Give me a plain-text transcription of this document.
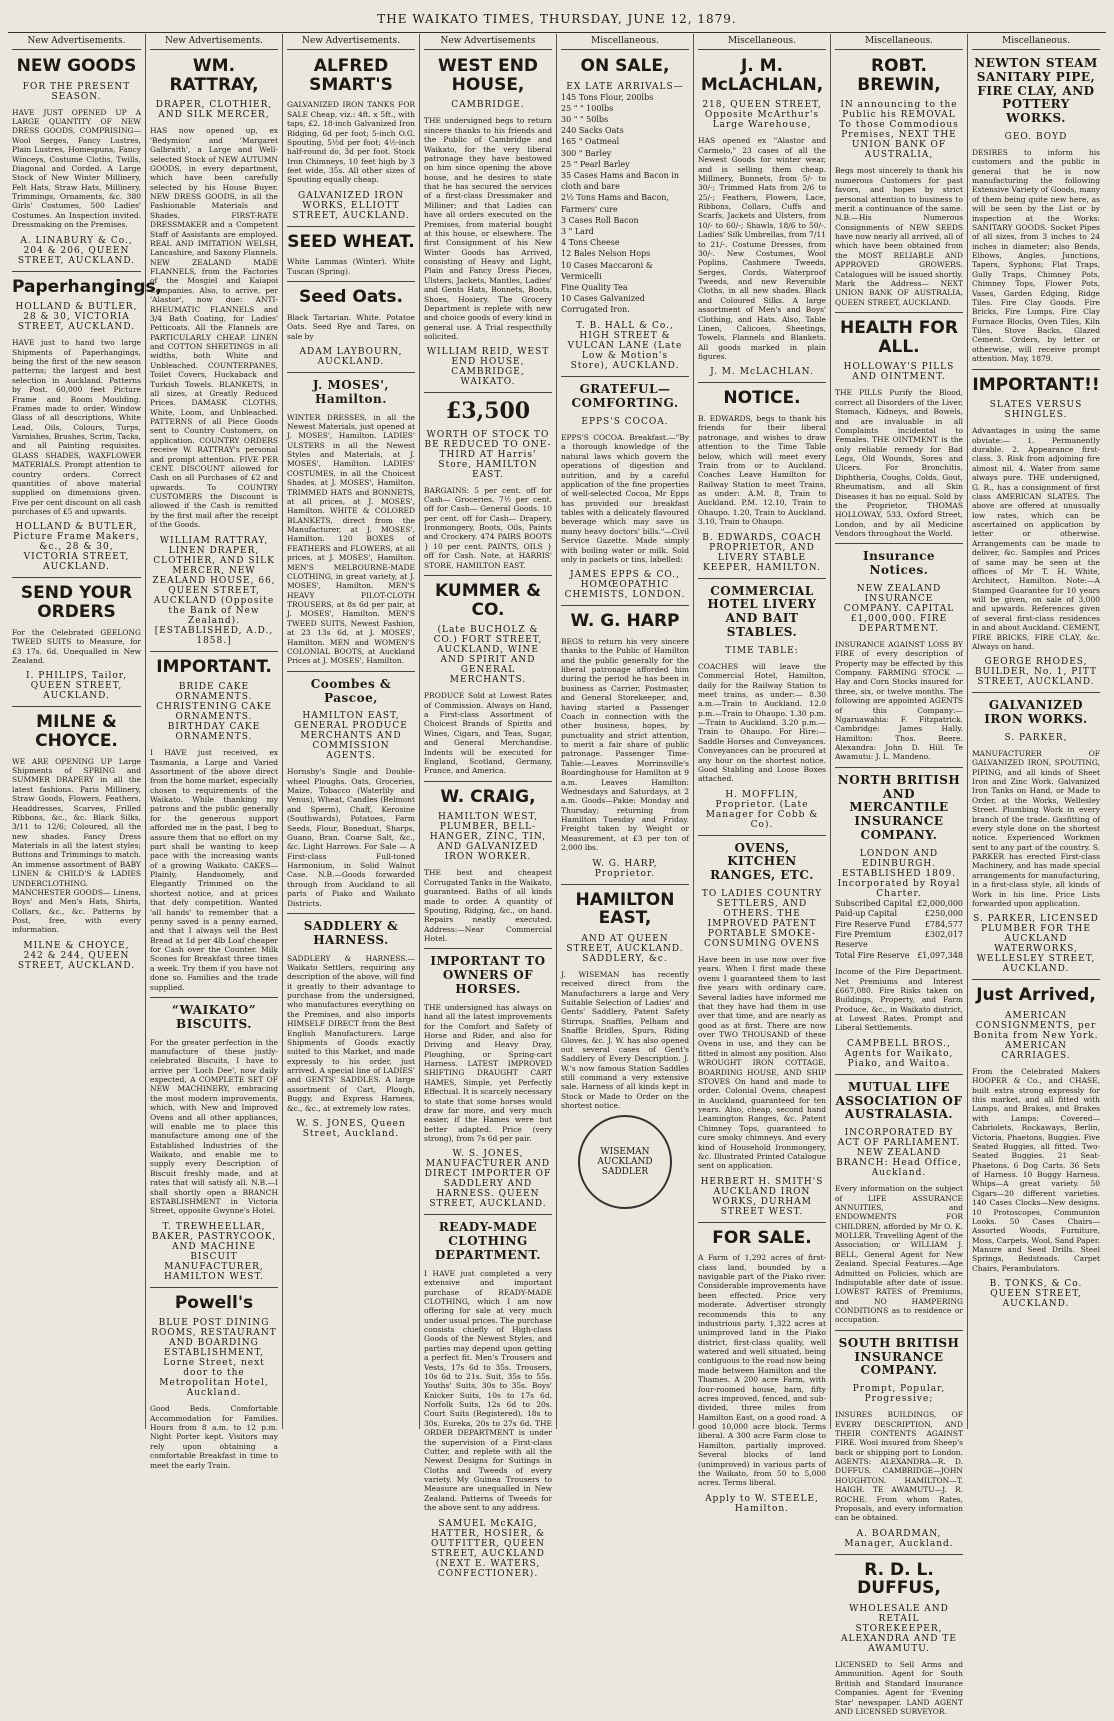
THE WAIKATO TIMES, THURSDAY, JUNE 12, 1879.
New Advertisements.
NEW GOODS
FOR THE PRESENT SEASON.
HAVE JUST OPENED UP A LARGE QUANTITY OF NEW DRESS GOODS, COMPRISING— Wool Serges, Fancy Lustres, Plain Lustres, Homespuns, Fancy Winceys, Costume Cloths, Twills, Diagonal and Corded. A Large Stock of New Winter Millinery, Felt Hats, Straw Hats, Millinery, Trimmings, Ornaments, &c. 380 Girls' Costumes, 500 Ladies' Costumes. An Inspection invited. Dressmaking on the Premises.
A. LINABURY & Co., 204 & 206, QUEEN STREET, AUCKLAND.
Paperhangings,
HOLLAND & BUTLER, 28 & 30, VICTORIA STREET, AUCKLAND.
HAVE just to hand two large Shipments of Paperhangings, being the first of the new season patterns; the largest and best selection in Auckland. Patterns by Post. 60,000 feet Picture Frame and Room Moulding. Frames made to order. Window Glass of all descriptions, White Lead, Oils, Colours, Turps, Varnishes, Brushes, Scrim, Tacks, and all Painting requisites. GLASS SHADES, WAXFLOWER MATERIALS. Prompt attention to country orders. Correct quantities of above material supplied on dimensions given. Five per cent discount on all cash purchases of £5 and upwards.
HOLLAND & BUTLER, Picture Frame Makers, &c., 28 & 30, VICTORIA STREET, AUCKLAND.
SEND YOUR ORDERS
For the Celebrated GEELONG TWEED SUITS to Measure, for £3 17s. 6d. Unequalled in New Zealand.
I. PHILIPS, Tailor, QUEEN STREET, AUCKLAND.
MILNE & CHOYCE.
WE ARE OPENING UP Large Shipments of SPRING and SUMMER DRAPERY in all the latest fashions. Paris Millinery, Straw Goods, Flowers, Feathers, Headdresses, Scarves, Frilled Ribbons, &c., &c. Black Silks, 3/11 to 12/6; Coloured, all the new shades. Fancy Dress Materials in all the latest styles; Buttons and Trimmings to match. An immense assortment of BABY LINEN & CHILD'S & LADIES UNDERCLOTHING. MANCHESTER GOODS— Linens, Boys' and Men's Hats, Shirts, Collars, &c., &c. Patterns by Post, free, with every information.
MILNE & CHOYCE, 242 & 244, QUEEN STREET, AUCKLAND.
New Advertisements.
WM. RATTRAY,
DRAPER, CLOTHIER, AND SILK MERCER,
HAS now opened up, ex 'Bedymion' and 'Margaret Galbraith', a Large and Well-selected Stock of NEW AUTUMN GOODS, in every department, which have been carefully selected by his House Buyer. NEW DRESS GOODS, in all the Fashionable Materials and Shades. FIRST-RATE DRESSMAKER and a Competent Staff of Assistants are employed. REAL AND IMITATION WELSH, Lancashire, and Saxony Flannels. NEW ZEALAND MADE FLANNELS, from the Factories of the Mosgiel and Kaiapoi Companies. Also, to arrive, per 'Alastor', now due: ANTI-RHEUMATIC FLANNELS and 3/4 Bath Coating, for Ladies' Petticoats. All the Flannels are PARTICULARLY CHEAP. LINEN and COTTON SHEETINGS in all widths, both White and Unbleached. COUNTERPANES, Toilet Covers, Huckaback and Turkish Towels. BLANKETS, in all sizes, at Greatly Reduced Prices. DAMASK CLOTHS, White, Loom, and Unbleached. PATTERNS of all Piece Goods sent to Country Customers, on application. COUNTRY ORDERS receive W. RATTRAY's personal and prompt attention. FIVE PER CENT. DISCOUNT allowed for Cash on all Purchases of £2 and upwards. To COUNTRY CUSTOMERS the Discount is allowed if the Cash is remitted by the first mail after the receipt of the Goods.
WILLIAM RATTRAY, LINEN DRAPER, CLOTHIER, AND SILK MERCER, NEW ZEALAND HOUSE, 66, QUEEN STREET, AUCKLAND (Opposite the Bank of New Zealand). [ESTABLISHED, A.D., 1858.]
IMPORTANT.
BRIDE CAKE ORNAMENTS. CHRISTENING CAKE ORNAMENTS. BIRTHDAY CAKE ORNAMENTS.
I HAVE just received, ex Tasmania, a Large and Varied Assortment of the above direct from the home market, especially chosen to requirements of the Waikato. While thanking my patrons and the public generally for the generous support afforded me in the past, I beg to assure them that no effort on my part shall be wanting to keep pace with the increasing wants of a growing Waikato. CAKES—Plainly, Handsomely, and Elegantly Trimmed on the shortest notice, and at prices that defy competition. Wanted 'all hands' to remember that a penny saved is a penny earned, and that I always sell the Best Bread at 1d per 4lb Loaf cheaper for Cash over the Counter. Milk Scones for Breakfast three times a week. Try them if you have not done so. Families and the trade supplied.
“WAIKATO” BISCUITS.
For the greater perfection in the manufacture of these justly-celebrated Biscuits, I have to arrive per 'Loch Dee', now daily expected, A COMPLETE SET OF NEW MACHINERY, embracing the most modern improvements, which, with New and Improved Ovens and all other appliances, will enable me to place this manufacture among one of the Established Industries of the Waikato, and enable me to supply every Description of Biscuit freshly made, and at rates that will satisfy all. N.B.—I shall shortly open a BRANCH ESTABLISHMENT in Victoria Street, opposite Gwynne's Hotel.
T. TREWHEELLAR, BAKER, PASTRYCOOK, AND MACHINE BISCUIT MANUFACTURER, HAMILTON WEST.
Powell's
BLUE POST DINING ROOMS, RESTAURANT AND BOARDING ESTABLISHMENT, Lorne Street, next door to the Metropolitan Hotel, Auckland.
Good Beds. Comfortable Accommodation for Families. Hours from 8 a.m. to 12 p.m. Night Porter kept. Visitors may rely upon obtaining a comfortable Breakfast in time to meet the early Train.
New Advertisements.
ALFRED SMART'S
GALVANIZED IRON TANKS FOR SALE Cheap, viz.: 4ft. x 5ft., with taps, £2. 18-inch Galvanized Iron Ridging, 6d per foot; 5-inch O.G. Spouting, 5½d per foot; 4½-inch half-round do, 3d per foot. Stock Iron Chimneys, 10 feet high by 3 feet wide, 35s. All other sizes of Spouting equally cheap.
GALVANIZED IRON WORKS, ELLIOTT STREET, AUCKLAND.
SEED WHEAT.
White Lammas (Winter). White Tuscan (Spring).
Seed Oats.
Black Tartarian. White. Potatoe Oats. Seed Rye and Tares, on sale by
ADAM LAYBOURN, AUCKLAND.
J. MOSES', Hamilton.
WINTER DRESSES, in all the Newest Materials, just opened at J. MOSES', Hamilton. LADIES' ULSTERS in all the Newest Styles and Materials, at J. MOSES', Hamilton. LADIES' COSTUMES, in all the Choicest Shades, at J. MOSES', Hamilton. TRIMMED HATS and BONNETS, at all prices, at J. MOSES', Hamilton. WHITE & COLORED BLANKETS, direct from the Manufacturer, at J. MOSES', Hamilton. 120 BOXES of FEATHERS and FLOWERS, at all prices, at J. MOSES', Hamilton. MEN'S MELBOURNE-MADE CLOTHING, in great variety, at J. MOSES', Hamilton. MEN'S HEAVY PILOT-CLOTH TROUSERS, at 8s 6d per pair, at J. MOSES', Hamilton. MEN'S TWEED SUITS, Newest Fashion, at 23 13s 6d, at J. MOSES', Hamilton. MEN and WOMEN'S COLONIAL BOOTS, at Auckland Prices at J. MOSES', Hamilton.
Coombes & Pascoe,
HAMILTON EAST, GENERAL PRODUCE MERCHANTS AND COMMISSION AGENTS.
Hornsby's Single and Double-wheel Ploughs. Oats, Groceries, Maize, Tobacco (Waterlily and Venus), Wheat, Candles (Belmont and Sperm), Chaff, Kerosine (Southwards), Potatoes, Farm Seeds, Flour, Boneduat, Sharps, Guano, Bran. Coarse Salt, &c., &c. Light Harrows. For Sale — A First-class Full-toned Harmonium, in Solid Walnut Case. N.B.—Goods forwarded through from Auckland to all parts of Piako and Waikato Districts.
SADDLERY & HARNESS.
SADDLERY & HARNESS.—Waikato Settlers, requiring any description of the above, will find it greatly to their advantage to purchase from the undersigned, who manufactures everything on the Premises, and also imports HIMSELF DIRECT from the Best English Manufacturers. Large Shipments of Goods exactly suited to this Market, and made expressly to his order, just arrived. A special line of LADIES' and GENTS' SADDLES. A large assortment of Cart, Plough, Buggy, and Express Harness, &c., &c., at extremely low rates.
W. S. JONES, Queen Street, Auckland.
New Advertisements
WEST END HOUSE,
CAMBRIDGE.
THE undersigned begs to return sincere thanks to his friends and the Public of Cambridge and Waikato, for the very liberal patronage they have bestowed on him since opening the above house, and he desires to state that he has secured the services of a first-class Dressmaker and Milliner; and that Ladies can have all orders executed on the Premises, from material bought at this house, or elsewhere. The first Consignment of his New Winter Goods has Arrived, consisting of Heavy and Light, Plain and Fancy Dress Pieces, Ulsters, Jackets, Mantles, Ladies' and Gents Hats, Bonnets, Boots, Shoes, Hosiery. The Grocery Department is replete with new and choice goods of every kind in general use. A Trial respectfully solicited.
WILLIAM REID, WEST END HOUSE, CAMBRIDGE, WAIKATO.
£3,500
WORTH OF STOCK TO BE REDUCED TO ONE-THIRD AT Harris' Store, HAMILTON EAST.
BARGAINS: 5 per cent. off for Cash— Groceries. 7½ per cent. off for Cash— General Goods. 10 per cent. off for Cash— Drapery, Ironmongery, Boots, Oils, Paints and Crockery. 474 PAIRS BOOTS } 10 per cent. PAINTS, OILS } off for Cash. Note, at HARRIS' STORE, HAMILTON EAST.
KUMMER & CO.
(Late BUCHOLZ & CO.) FORT STREET, AUCKLAND, WINE AND SPIRIT AND GENERAL MERCHANTS.
PRODUCE Sold at Lowest Rates of Commission. Always on Hand, a First-class Assortment of Choicest Brands of Spirits and Wines, Cigars, and Teas, Sugar, and General Merchandise. Indents will be executed for England, Scotland, Germany, France, and America.
W. CRAIG,
HAMILTON WEST, PLUMBER, BELL-HANGER, ZINC, TIN, AND GALVANIZED IRON WORKER.
THE best and cheapest Corrugated Tanks in the Waikato, guaranteed. Baths of all kinds made to order. A quantity of Spouting, Ridging, &c., on hand. Repairs neatly executed. Address:—Near Commercial Hotel.
IMPORTANT TO OWNERS OF HORSES.
THE undersigned has always on hand all the latest improvements for the Comfort and Safety of Horse and Rider, and also for Driving and Heavy Dray, Ploughing, or Spring-cart Harness. LATEST IMPROVED SHIFTING DRAUGHT CART HAMES, Simple, yet Perfectly Effectual. It is scarcely necessary to state that some horses would draw far more, and very much easier, if the Hames were but better adapted. Price (very strong), from 7s 6d per pair.
W. S. JONES, MANUFACTURER AND DIRECT IMPORTER OF SADDLERY AND HARNESS. QUEEN STREET, AUCKLAND.
READY-MADE CLOTHING DEPARTMENT.
I HAVE just completed a very extensive and important purchase of READY-MADE CLOTHING, which I am now offering for sale at very much under usual prices. The purchase consists chiefly of High-class Goods of the Newest Styles, and parties may depend upon getting a perfect fit. Men's Trousers and Vests, 17s 6d to 35s. Trousers, 10s 6d to 21s. Suit, 35s to 55s. Youths' Suits, 30s to 35s. Boys' Knicker Suits, 10s to 17s 6d. Norfolk Suits, 12s 6d to 20s. Court Suits (Registered), 18s to 30s. Eureka, 20s to 27s 6d. THE ORDER DEPARTMENT is under the supervision of a First-class Cutter, and replete with all the Newest Designs for Suitings in Cloths and Tweeds of every variety. My Guinea Trousers to Measure are unequalled in New Zealand. Patterns of Tweeds for the above sent to any address.
SAMUEL McKAIG, HATTER, HOSIER, & OUTFITTER, QUEEN STREET, AUCKLAND (NEXT E. WATERS, CONFECTIONER).
Miscellaneous.
ON SALE,
EX LATE ARRIVALS—
145 Tons Flour, 200lbs
25 " " 100lbs
30 " " 50lbs
240 Sacks Oats
165 " Oatmeal
300 " Barley
25 " Pearl Barley
35 Cases Hams and Bacon in cloth and bare
2½ Tons Hams and Bacon, Farmers' cure
3 Cases Roll Bacon
3 " Lard
4 Tons Cheese
12 Bales Nelson Hops
10 Cases Maccaroni & Vermicelli
Fine Quality Tea
10 Cases Galvanized Corrugated Iron.
T. B. HALL & Co., HIGH STREET & VULCAN LANE (Late Low & Motion's Store), AUCKLAND.
GRATEFUL—COMFORTING.
EPPS'S COCOA.
EPPS'S COCOA. Breakfast.—"By a thorough knowledge of the natural laws which govern the operations of digestion and nutrition, and by a careful application of the fine properties of well-selected Cocoa, Mr Epps has provided our breakfast tables with a delicately flavoured beverage which may save us many heavy doctors' bills."—Civil Service Gazette. Made simply with boiling water or milk. Sold only in packets or tins, labelled:
JAMES EPPS & CO., HOMŒOPATHIC CHEMISTS, LONDON.
W. G. HARP
BEGS to return his very sincere thanks to the Public of Hamilton and the public generally for the liberal patronage afforded him during the period he has been in business as Carrier, Postmaster, and General Storekeeper, and, having started a Passenger Coach in connection with the other business, hopes, by punctuality and strict attention, to merit a fair share of public patronage. Passenger Time-Table:—Leaves Morrinsville's Boardinghouse for Hamilton at 9 a.m. Leaves Hamilton: Wednesdays and Saturdays, at 2 a.m. Goods—Pakie: Monday and Thursday; returning from Hamilton Tuesday and Friday. Freight taken by Weight or Measurement, at £3 per ton of 2,000 lbs.
W. G. HARP, Proprietor.
HAMILTON EAST,
AND AT QUEEN STREET, AUCKLAND. SADDLERY, &c.
J. WISEMAN has recently received direct from the Manufacturers a large and Very Suitable Selection of Ladies' and Gents' Saddlery, Patent Safety Stirrups, Snaffles, Pelham and Snaffle Bridles, Spurs, Riding Gloves, &c. J. W. has also opened out several cases of Gent's Saddlery of Every Description. J. W.'s now famous Station Saddles still command a very extensive sale. Harness of all kinds kept in Stock or Made to Order on the shortest notice.
WISEMAN AUCKLAND SADDLER
Miscellaneous.
J. M. McLACHLAN,
218, QUEEN STREET, Opposite McArthur's Large Warehouse,
HAS opened ex "Alastor and Carmelo," 23 cases of all the Newest Goods for winter wear, and is selling them cheap. Millinery, Bonnets, from 5/- to 30/-; Trimmed Hats from 2/6 to 25/-; Feathers, Flowers, Lace, Ribbons, Collars, Cuffs and Scarfs, Jackets and Ulsters, from 10/- to 60/-; Shawls, 18/6 to 50/-. Ladies' Silk Umbrellas, from 7/11 to 21/-. Costume Dresses, from 30/-. New Costumes, Wool Poplins, Cashmere Tweeds, Serges, Cords, Waterproof Tweeds, and new Reversible Cloths, in all new shades. Black and Coloured Silks. A large assortment of Men's and Boys' Clothing, and Hats. Also, Table Linen, Calicoes, Sheetings, Towels, Flannels and Blankets. All goods marked in plain figures.
J. M. McLACHLAN.
NOTICE.
B. EDWARDS, begs to thank his friends for their liberal patronage, and wishes to draw attention to the Time Table below, which will meet every Train from or to Auckland. Coaches Leave Hamilton for Railway Station to meet Trains, as under: A.M. 8, Train to Auckland. P.M. 12.10, Train to Ohaupo. 1.20, Train to Auckland. 3.10, Train to Ohaupo.
B. EDWARDS, COACH PROPRIETOR, AND LIVERY STABLE KEEPER, HAMILTON.
COMMERCIAL HOTEL LIVERY AND BAIT STABLES.
TIME TABLE:
COACHES will leave the Commercial Hotel, Hamilton, daily for the Railway Station to meet trains, as under:— 8.30 a.m.—Train to Auckland. 12.0 p.m.—Train to Ohaupo. 1.30 p.m.—Train to Auckland. 3.20 p.m.—Train to Ohaupo. For Hire:—Saddle Horses and Conveyances. Conveyances can be procured at any hour on the shortest notice. Good Stabling and Loose Boxes attached.
H. MOFFLIN, Proprietor. (Late Manager for Cobb & Co).
OVENS, KITCHEN RANGES, ETC.
TO LADIES COUNTRY SETTLERS, AND OTHERS. THE IMPROVED PATENT PORTABLE SMOKE-CONSUMING OVENS
Have been in use now over five years. When I first made these ovens I guaranteed them to last five years with ordinary care. Several ladies have informed me that they have had them in use over that time, and are nearly as good as at first. There are now over TWO THOUSAND of these Ovens in use, and they can be fitted in almost any position. Also WROUGHT IRON COTTAGE, BOARDING HOUSE, AND SHIP STOVES On hand and made to order. Colonial Ovens, cheapest in Auckland, guaranteed for ten years. Also, cheap, second hand Leamington Ranges, &c. Patent Chimney Tops, guaranteed to cure smoky chimneys. And every kind of Household Ironmongery, &c. Illustrated Printed Catalogue sent on application.
HERBERT H. SMITH'S AUCKLAND IRON WORKS, DURHAM STREET WEST.
FOR SALE.
A Farm of 1,292 acres of first-class land, bounded by a navigable part of the Piako river. Considerable improvements have been effected. Price very moderate. Advertiser strongly recommends this to any industrious party. 1,322 acres at unimproved land in the Piako district, first-class quality, well watered and well situated, being contiguous to the road now being made between Hamilton and the Thames. A 200 acre Farm, with four-roomed house, barn, fifty acres improved, fenced, and sub-divided, three miles from Hamilton East, on a good road. A good 10,000 acre block. Terms liberal. A 300 acre Farm close to Hamilton, partially improved. Several blocks of land (unimproved) in various parts of the Waikato, from 50 to 5,000 acres. Terms liberal.
Apply to W. STEELE, Hamilton.
Miscellaneous.
ROBT. BREWIN,
IN announcing to the Public his REMOVAL To those Commodious Premises, NEXT THE UNION BANK OF AUSTRALIA,
Begs most sincerely to thank his numerous Customers for past favors, and hopes by strict personal attention to business to merit a continuance of the same. N.B.—His Numerous Consignments of NEW SEEDS have now nearly all arrived, all of which have been obtained from the MOST RELIABLE AND APPROVED GROWERS. Catalogues will be issued shortly. Mark the Address— NEXT UNION BANK OF AUSTRALIA, QUEEN STREET, AUCKLAND.
HEALTH FOR ALL.
HOLLOWAY'S PILLS AND OINTMENT.
THE PILLS Purify the Blood, correct all Disorders of the Liver, Stomach, Kidneys, and Bowels, and are invaluable in all Complaints incidental to Females. THE OINTMENT is the only reliable remedy for Bad Legs, Old Wounds, Sores and Ulcers. For Bronchitis, Diphtheria, Coughs, Colds, Gout, Rheumatism, and all Skin Diseases it has no equal. Sold by the Proprietor, THOMAS HOLLOWAY, 533, Oxford Street, London, and by all Medicine Vendors throughout the World.
Insurance Notices.
NEW ZEALAND INSURANCE COMPANY. CAPITAL £1,000,000. FIRE DEPARTMENT.
INSURANCE AGAINST LOSS BY FIRE of every description of Property may be effected by this Company. FARMING STOCK — Hay and Corn Stocks insured for three, six, or twelve months. The following are appointed AGENTS of this Company:— Ngaruawahia: F. Fitzpatrick. Cambridge: James Hally. Hamilton: Thos. Beere. Alexandra: John D. Hill. Te Awamutu: J. L. Mandeno.
NORTH BRITISH AND MERCANTILE INSURANCE COMPANY.
LONDON AND EDINBURGH. ESTABLISHED 1809. Incorporated by Royal Charter.
Subscribed Capital £2,000,000
Paid-up Capital	£250,000
Fire Reserve Fund £784,577
Fire Premium Reserve
£302,017
Total Fire Reserve £1,097,348
Income of the Fire Department. Net Premiums and Interest £667,080. Fire Risks taken on Buildings, Property, and Farm Produce, &c., in Waikato district, at Lowest Rates. Prompt and Liberal Settlements.
CAMPBELL BROS., Agents for Waikato, Piako, and Waitoa.
MUTUAL LIFE ASSOCIATION OF AUSTRALASIA.
INCORPORATED BY ACT OF PARLIAMENT. NEW ZEALAND BRANCH: Head Office, Auckland.
Every information on the subject of LIFE ASSURANCE ANNUITIES, and ENDOWMENTS FOR CHILDREN, afforded by Mr O. K. MOLLER, Travelling Agent of the Association; or WILLIAM J. BELL, General Agent for New Zealand. Special Features.—Age Admitted on Policies, which are Indisputable after date of issue. LOWEST RATES of Premiums, and NO HAMPERING CONDITIONS as to residence or occupation.
SOUTH BRITISH INSURANCE COMPANY.
Prompt, Popular, Progressive;
INSURES BUILDINGS, OF EVERY DESCRIPTION, AND THEIR CONTENTS AGAINST FIRE. Wool insured from Sheep's back or shipping port to London. AGENTS: ALEXANDRA—R. D. DUFFUS. CAMBRIDGE—JOHN HOUGHTON. HAMILTON—T. HAIGH. TE AWAMUTU—J. R. ROCHE. From whom Rates, Proposals, and every information can be obtained.
A. BOARDMAN, Manager, Auckland.
R. D. L. DUFFUS,
WHOLESALE AND RETAIL STOREKEEPER, ALEXANDRA AND TE AWAMUTU.
LICENSED to Sell Arms and Ammunition. Agent for South British and Standard Insurance Companies. Agent for 'Evening Star' newspaper. LAND AGENT AND LICENSED SURVEYOR.
Miscellaneous.
NEWTON STEAM SANITARY PIPE, FIRE CLAY, AND POTTERY WORKS.
GEO. BOYD
DESIRES to inform his customers and the public in general that he is now manufacturing the following Extensive Variety of Goods, many of them being quite new here, as will be seen by the List or by inspection at the Works: SANITARY GOODS. Socket Pipes of all sizes, from 3 inches to 24 inches in diameter; also Bends, Elbows, Angles, Junctions, Tapers, Syphons; Flat Traps, Gully Traps, Chimney Pots, Chimney Tops, Flower Pots, Vases, Garden Edging, Ridge Tiles. Fire Clay Goods. Fire Bricks, Fire Lumps, Fire Clay Furnace Blocks, Oven Tiles, Kiln Tiles, Stove Backs, Glazed Cement. Orders, by letter or otherwise, will receive prompt attention. May, 1879.
IMPORTANT!!
SLATES VERSUS SHINGLES.
Advantages in using the same obviate:— 1. Permanently durable. 2. Appearance first-class. 3. Risk from adjoining fire almost nil. 4. Water from same always pure. THE undersigned, G. R., has a consignment of first class AMERICAN SLATES. The above are offered at unusually low rates, which can be ascertained on application by letter or otherwise. Arrangements can be made to deliver, &c. Samples and Prices of same may be seen at the offices of Mr T. H. White, Architect, Hamilton. Note:—A Stamped Guarantee for 10 years will be given, on sale of 3,000 and upwards. References given of several first-class residences in and about Auckland. CEMENT, FIRE BRICKS, FIRE CLAY, &c. Always on hand.
GEORGE RHODES, BUILDER, No. 1, PITT STREET, AUCKLAND.
GALVANIZED IRON WORKS.
S. PARKER,
MANUFACTURER OF GALVANIZED IRON, SPOUTING, PIPING, and all kinds of Sheet Iron and Zinc Work. Galvanized Iron Tanks on Hand, or Made to Order, at the Works, Wellesley Street. Plumbing Work in every branch of the trade. Gasfitting of every style done on the shortest notice. Experienced Workmen sent to any part of the country. S. PARKER has erected First-class Machinery, and has made special arrangements for manufacturing, in a first-class style, all kinds of Work in his line. Price Lists forwarded upon application.
S. PARKER, LICENSED PLUMBER FOR THE AUCKLAND WATERWORKS, WELLESLEY STREET, AUCKLAND.
Just Arrived,
AMERICAN CONSIGNMENTS, per Bonita from New York. AMERICAN CARRIAGES.
From the Celebrated Makers HOOPER & Co., and CHASE, built extra strong expressly for this market, and all fitted with Lamps, and Brakes, and Brakes with Lamps: Covered—Cabriolets, Rockaways, Berlin, Victoria, Phaetons, Buggies. Five Seated Buggies, all fitted. Two-Seated Buggies. 21 Seat-Phaetons. 6 Dog Carts. 36 Sets of Harness. 10 Buggy Harness. Whips—A great variety. 50 Cigars—20 different varieties. 140 Cases Clocks—New designs. 10 Protoscopes, Communion Looks. 50 Cases Chairs—Assorted Woods, Furniture, Moss, Carpets, Wool, Sand Paper. Manure and Seed Drills. Steel Springs, Bedsteads. Carpet Chairs, Perambulators.
B. TONKS, & Co. QUEEN STREET, AUCKLAND.
